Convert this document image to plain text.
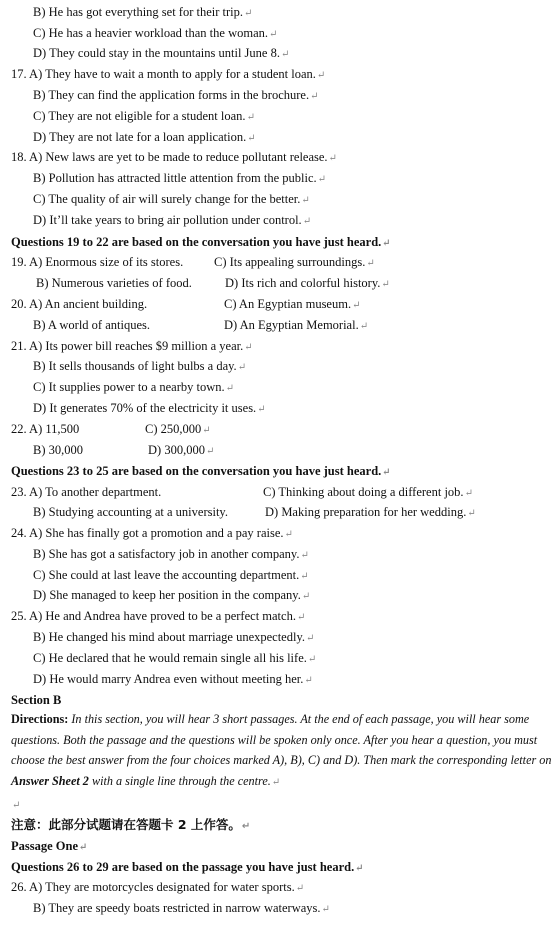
B) He has got everything set for their trip.↵
C) He has a heavier workload than the woman.↵
D) They could stay in the mountains until June 8.↵
17. A) They have to wait a month to apply for a student loan.↵
B) They can find the application forms in the brochure.↵
C) They are not eligible for a student loan.↵
D) They are not late for a loan application.↵
18. A) New laws are yet to be made to reduce pollutant release.↵
B) Pollution has attracted little attention from the public.↵
C) The quality of air will surely change for the better.↵
D) It’ll take years to bring air pollution under control.↵
Questions 19 to 22 are based on the conversation you have just heard.↵
19. A) Enormous size of its stores. C) Its appealing surroundings.↵
B) Numerous varieties of food.	D) Its rich and colorful history.↵
20. A) An ancient building.	C) An Egyptian museum.↵
B) A world of antiques.	D) An Egyptian Memorial.↵
21. A) Its power bill reaches $9 million a year.↵
B) It sells thousands of light bulbs a day.↵
C) It supplies power to a nearby town.↵
D) It generates 70% of the electricity it uses.↵
22. A) 11,500	C) 250,000↵
B) 30,000	D) 300,000↵
Questions 23 to 25 are based on the conversation you have just heard.↵
23. A) To another department.	C) Thinking about doing a different job.↵
B) Studying accounting at a university.	D) Making preparation for her wedding.↵
24. A) She has finally got a promotion and a pay raise.↵
B) She has got a satisfactory job in another company.↵
C) She could at last leave the accounting department.↵
D) She managed to keep her position in the company.↵
25. A) He and Andrea have proved to be a perfect match.↵
B) He changed his mind about marriage unexpectedly.↵
C) He declared that he would remain single all his life.↵
D) He would marry Andrea even without meeting her.↵
Section B
Directions: In this section, you will hear 3 short passages. At the end of each passage, you will hear some questions. Both the passage and the questions will be spoken only once. After you hear a question, you must choose the best answer from the four choices marked A), B), C) and D). Then mark the corresponding letter on Answer Sheet 2 with a single line through the centre.↵
↵
注意：此部分试题请在答题卡 2 上作答。↵
Passage One↵
Questions 26 to 29 are based on the passage you have just heard.↵
26. A) They are motorcycles designated for water sports.↵
B) They are speedy boats restricted in narrow waterways.↵
